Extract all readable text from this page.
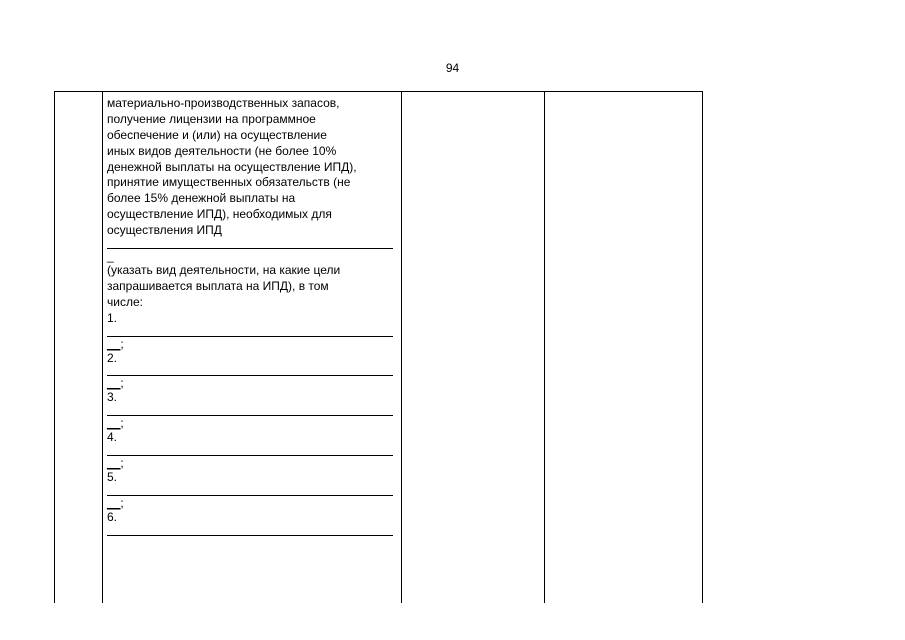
94

материально-производственных запасов,
получение лицензии на программное
обеспечение и (или) на осуществление
иных видов деятельности (не более 10%
денежной выплаты на осуществление ИПД),
принятие имущественных обязательств (не
более 15% денежной выплаты на
осуществление ИПД), необходимых для
осуществления ИПД
_
(указать вид деятельности, на какие цели
запрашивается выплата на ИПД), в том
числе:
1.
__;
2.
__;
3.
__;
4.
__;
5.
__;
6.
